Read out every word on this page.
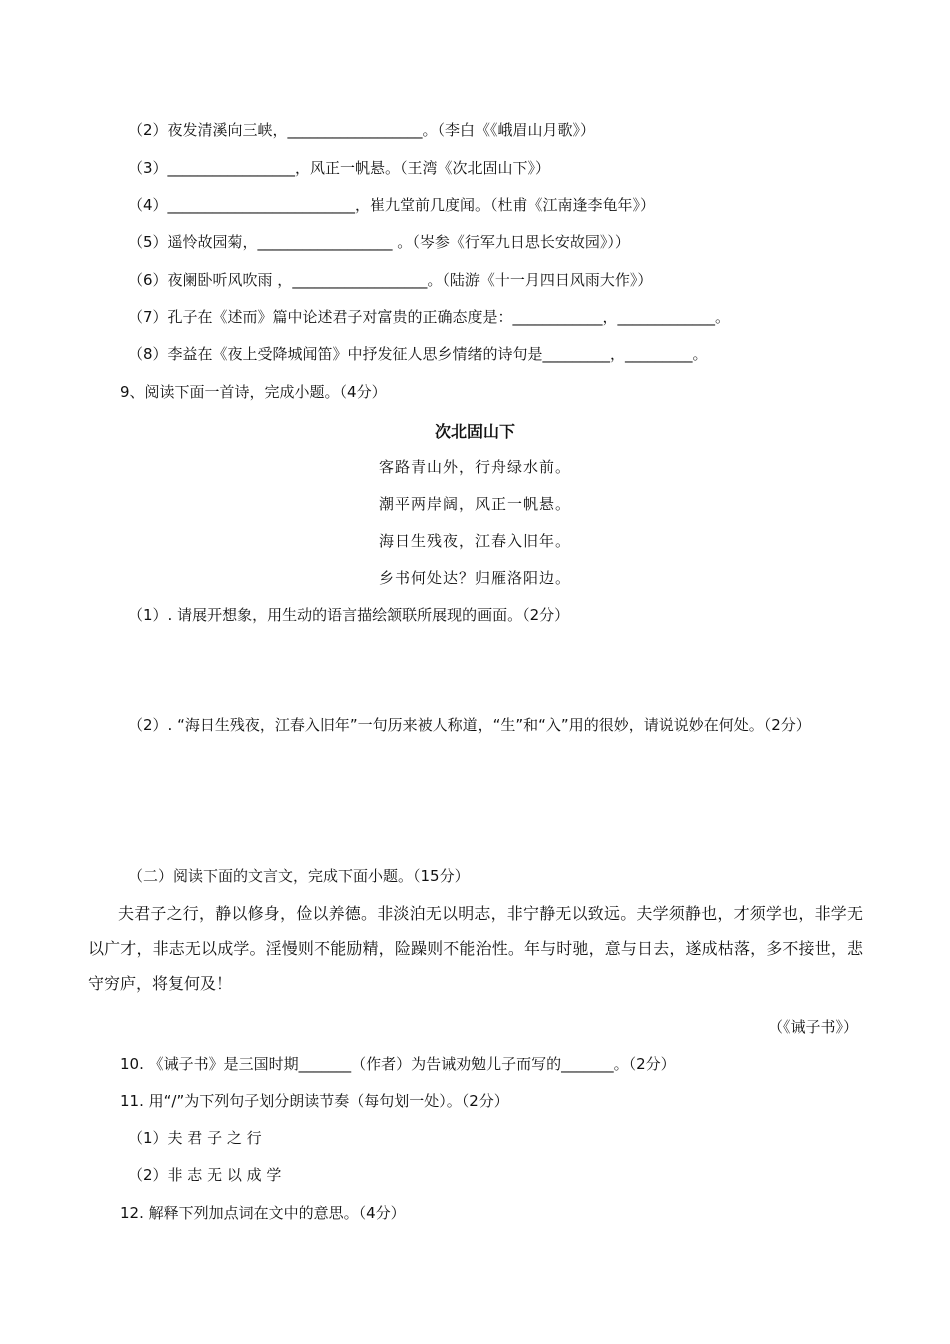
（2）夜发清溪向三峡，__________________。（李白《《峨眉山月歌》）
（3）_________________，风正一帆悬。（王湾《次北固山下》）
（4）_________________________，崔九堂前几度闻。（杜甫《江南逢李龟年》）
（5）遥怜故园菊，__________________ 。（岑参《行军九日思长安故园》））
（6）夜阑卧听风吹雨 ，__________________。（陆游《十一月四日风雨大作》）
（7）孔子在《述而》篇中论述君子对富贵的正确态度是：____________，_____________。
（8）李益在《夜上受降城闻笛》中抒发征人思乡情绪的诗句是_________，_________。
9、阅读下面一首诗，完成小题。（4分）
次北固山下
客路青山外，行舟绿水前。
潮平两岸阔，风正一帆悬。
海日生残夜，江春入旧年。
乡书何处达？归雁洛阳边。
（1）. 请展开想象，用生动的语言描绘颔联所展现的画面。（2分）
（2）. “海日生残夜，江春入旧年”一句历来被人称道，“生”和“入”用的很妙，请说说妙在何处。（2分）
（二）阅读下面的文言文，完成下面小题。（15分）
夫君子之行，静以修身，俭以养德。非淡泊无以明志，非宁静无以致远。夫学须静也，才须学也，非学无以广才，非志无以成学。淫慢则不能励精，险躁则不能治性。年与时驰，意与日去，遂成枯落，多不接世，悲守穷庐，将复何及！
（《诫子书》）
10. 《诫子书》是三国时期_______（作者）为告诫劝勉儿子而写的_______。（2分）
11. 用“/”为下列句子划分朗读节奏（每句划一处）。（2分）
（1）夫 君 子 之 行
（2）非 志 无 以 成 学
12. 解释下列加点词在文中的意思。（4分）
